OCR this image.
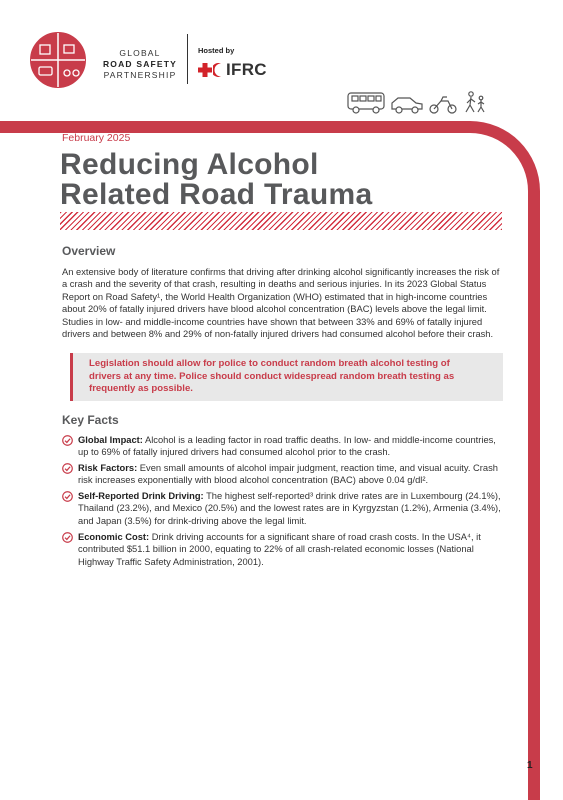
GLOBAL
ROAD SAFETY
PARTNERSHIP
Hosted by
IFRC
February 2025
Reducing Alcohol
Related Road Trauma
Overview
An extensive body of literature confirms that driving after drinking alcohol significantly increases the risk of a crash and the severity of that crash, resulting in deaths and serious injuries. In its 2023 Global Status Report on Road Safety¹, the World Health Organization (WHO) estimated that in high-income countries about 20% of fatally injured drivers have blood alcohol concentration (BAC) levels above the legal limit. Studies in low- and middle-income countries have shown that between 33% and 69% of fatally injured drivers and between 8% and 29% of non-fatally injured drivers had consumed alcohol before their crash.
Legislation should allow for police to conduct random breath alcohol testing of drivers at any time. Police should conduct widespread random breath testing as frequently as possible.
Key Facts
Global Impact: Alcohol is a leading factor in road traffic deaths. In low- and middle-income countries, up to 69% of fatally injured drivers had consumed alcohol prior to the crash.
Risk Factors: Even small amounts of alcohol impair judgment, reaction time, and visual acuity. Crash risk increases exponentially with blood alcohol concentration (BAC) above 0.04 g/dl².
Self-Reported Drink Driving: The highest self-reported³ drink drive rates are in Luxembourg (24.1%), Thailand (23.2%), and Mexico (20.5%) and the lowest rates are in Kyrgyzstan (1.2%), Armenia (3.4%), and Japan (3.5%) for drink-driving above the legal limit.
Economic Cost: Drink driving accounts for a significant share of road crash costs. In the USA⁴, it contributed $51.1 billion in 2000, equating to 22% of all crash-related economic losses (National Highway Traffic Safety Administration, 2001).
1
